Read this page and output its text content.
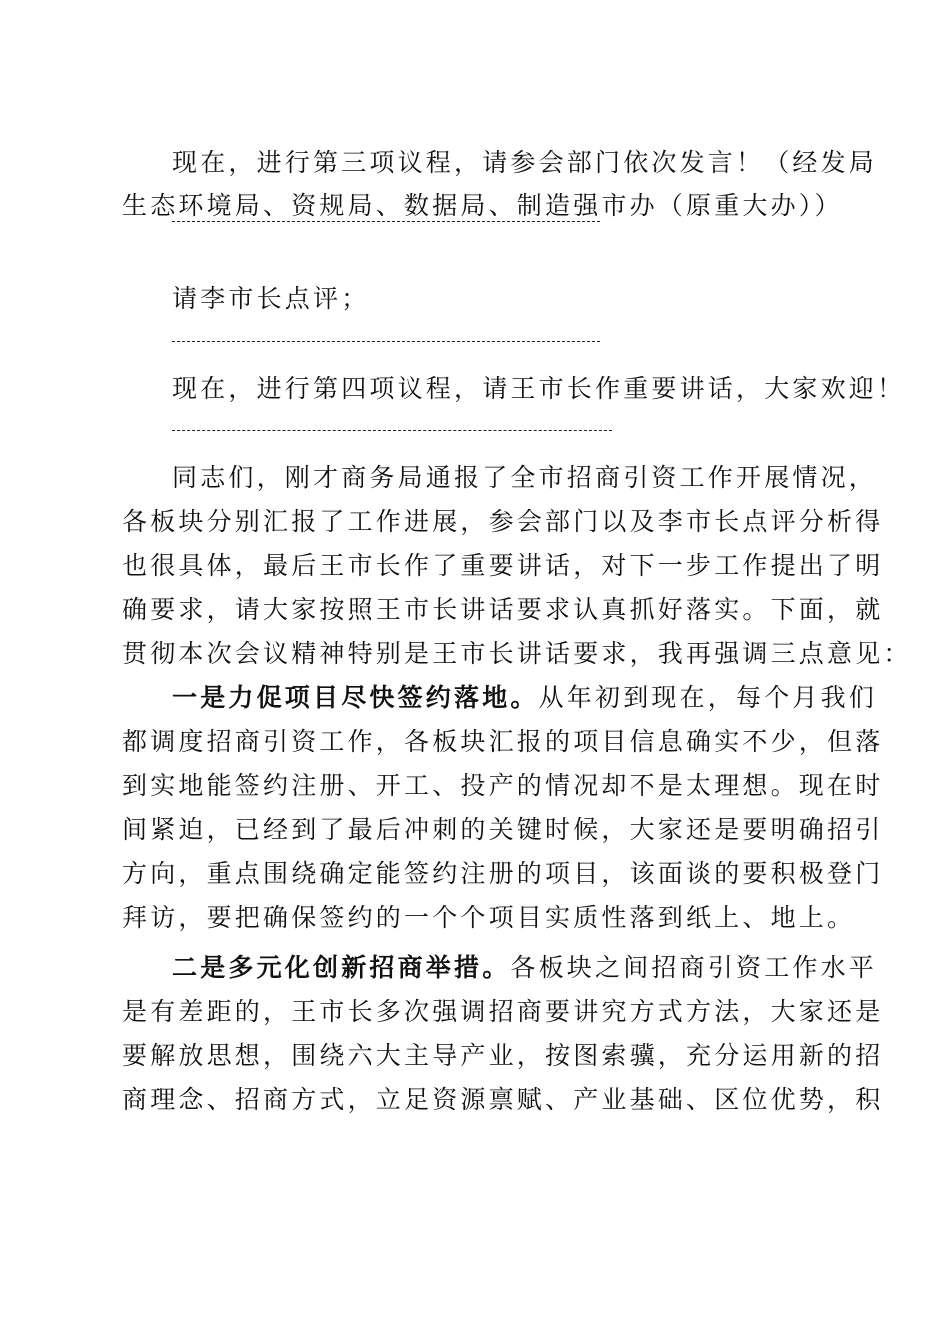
现在，进行第三项议程，请参会部门依次发言！（经发局
生态环境局、资规局、数据局、制造强市办（原重大办））
请李市长点评；
现在，进行第四项议程，请王市长作重要讲话，大家欢迎！
同志们，刚才商务局通报了全市招商引资工作开展情况，
各板块分别汇报了工作进展，参会部门以及李市长点评分析得
也很具体，最后王市长作了重要讲话，对下一步工作提出了明
确要求，请大家按照王市长讲话要求认真抓好落实。下面，就
贯彻本次会议精神特别是王市长讲话要求，我再强调三点意见：
一是力促项目尽快签约落地。从年初到现在，每个月我们
都调度招商引资工作，各板块汇报的项目信息确实不少，但落
到实地能签约注册、开工、投产的情况却不是太理想。现在时
间紧迫，已经到了最后冲刺的关键时候，大家还是要明确招引
方向，重点围绕确定能签约注册的项目，该面谈的要积极登门
拜访，要把确保签约的一个个项目实质性落到纸上、地上。
二是多元化创新招商举措。各板块之间招商引资工作水平
是有差距的，王市长多次强调招商要讲究方式方法，大家还是
要解放思想，围绕六大主导产业，按图索骥，充分运用新的招
商理念、招商方式，立足资源禀赋、产业基础、区位优势，积
